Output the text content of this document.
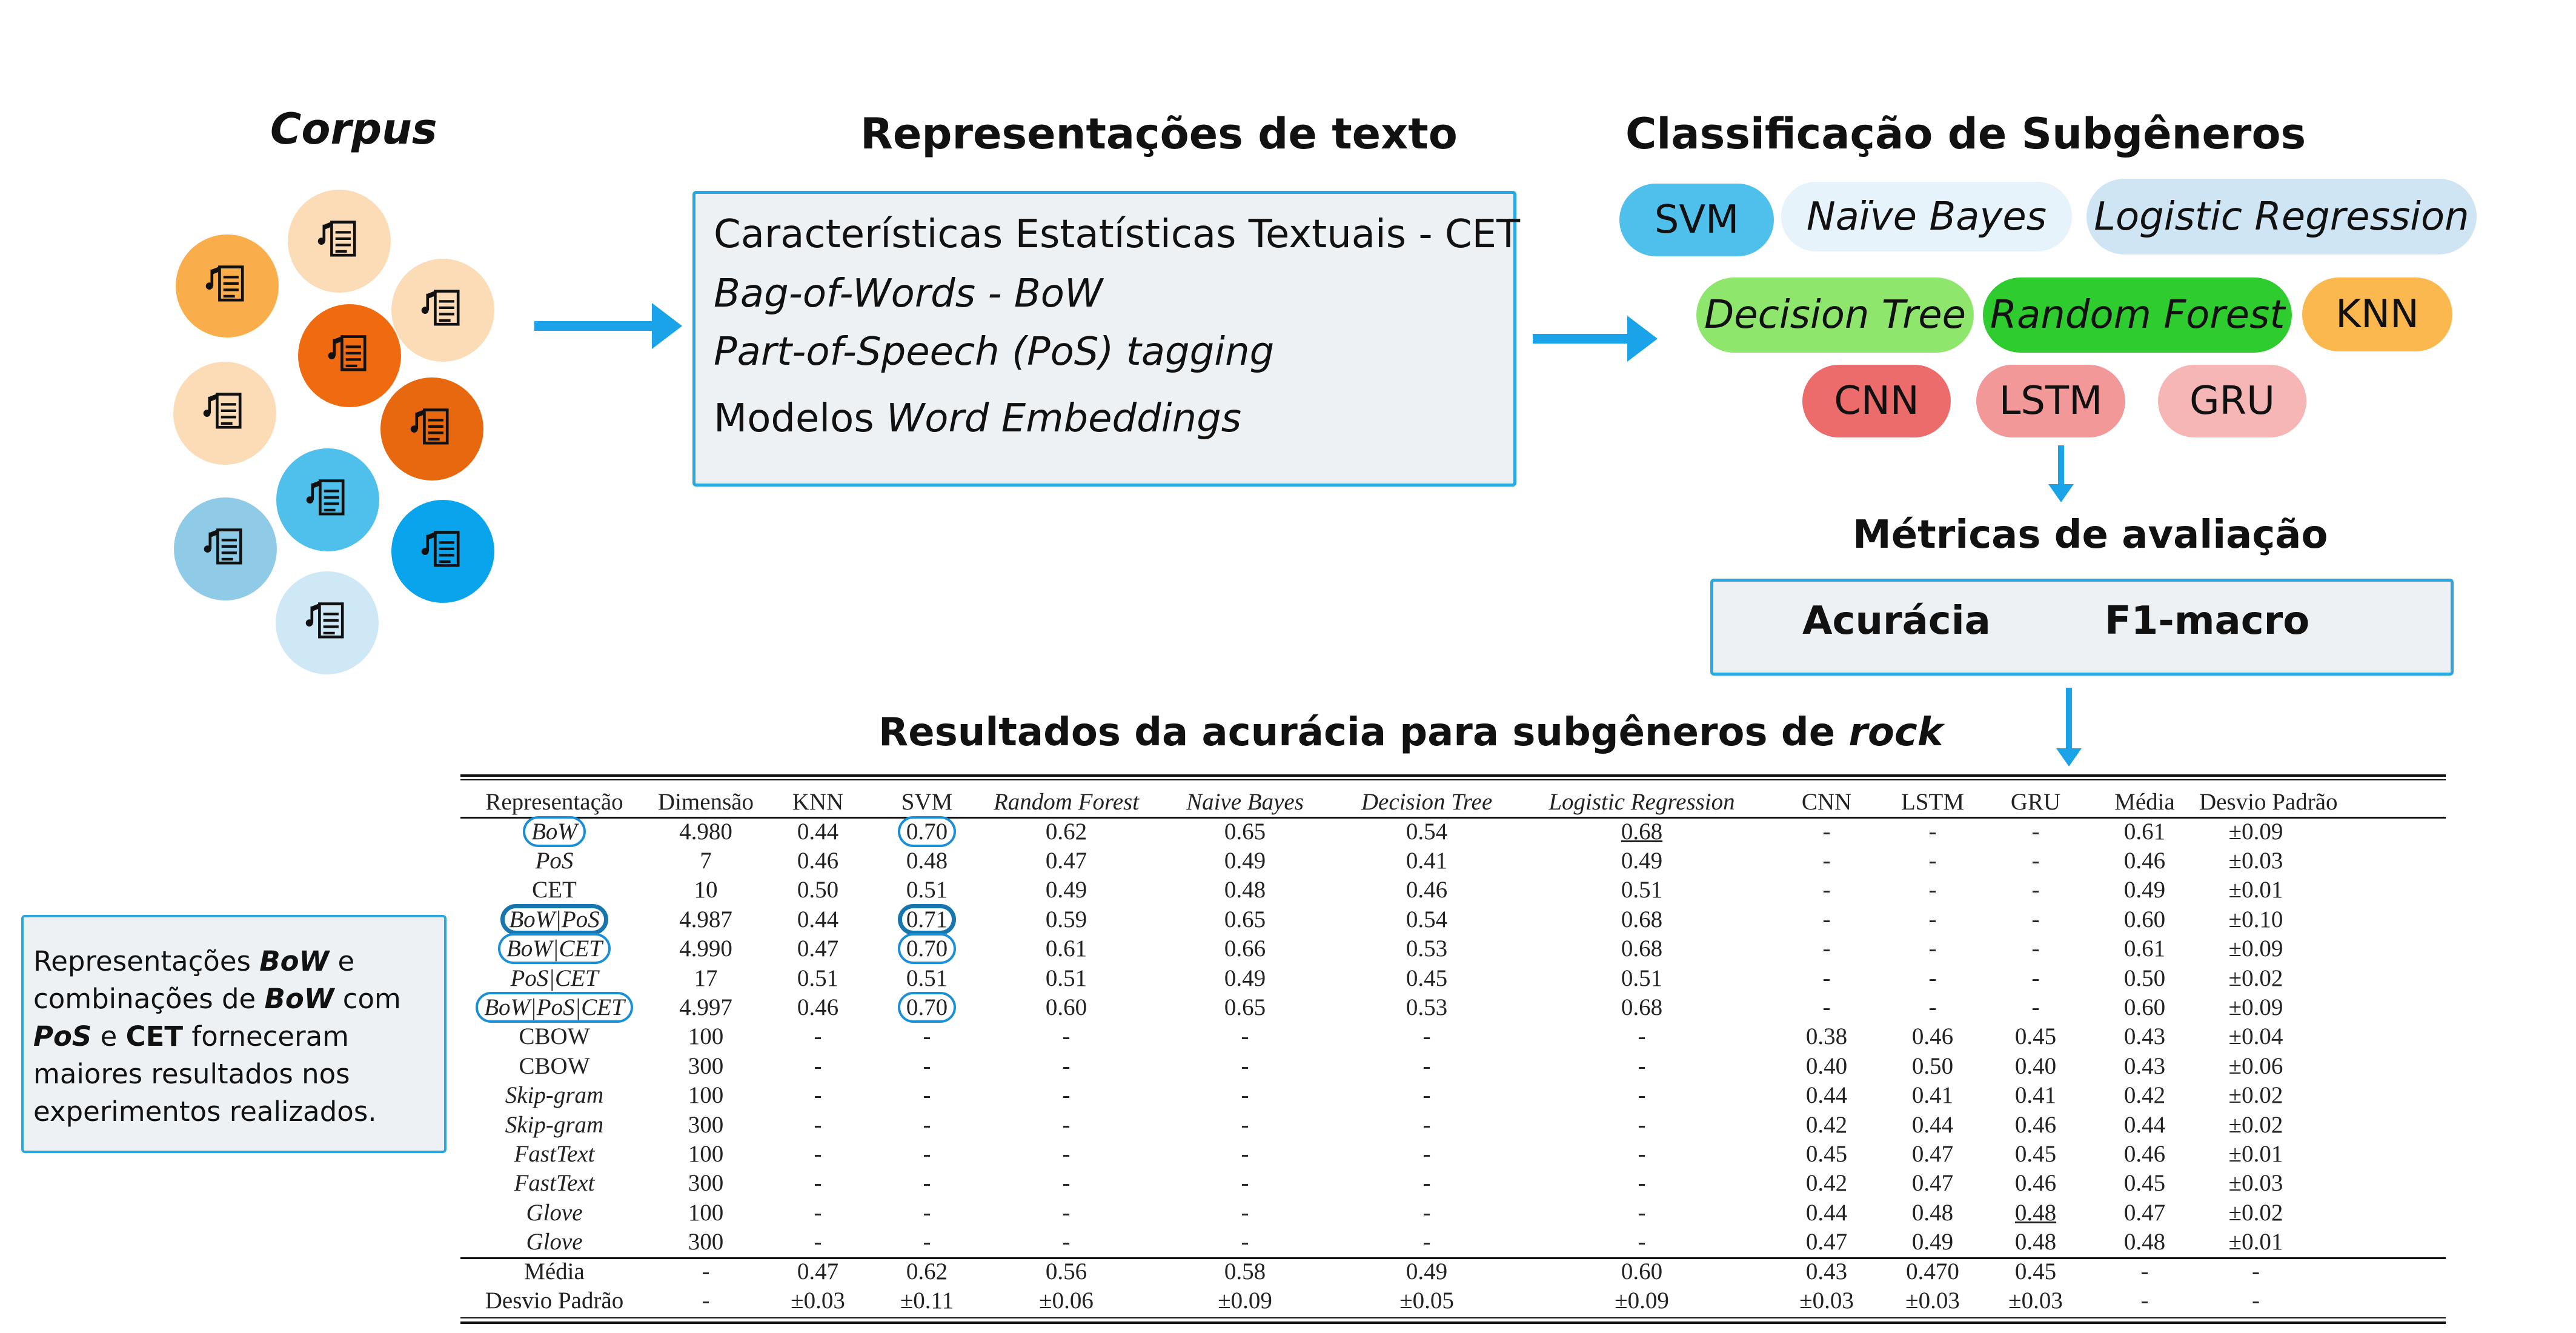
Corpus	Representações de texto
Características Estatísticas Textuais - CET
Bag-of-Words - BoW
Part-of-Speech (PoS) tagging
Modelos Word Embeddings
Classificação de Subgêneros
SVM	Naïve Bayes	Logistic Regression
Decision Tree Random Forest	KNN
CNN	LSTM	GRU
Métricas de avaliação
Acurácia	F1-macro
Resultados da acurácia para subgêneros de rock
Representações BoW e combinações de BoW com PoS e CET forneceram maiores resultados nos experimentos realizados.
Representação	Dimensão	KNN	SVM	Random Forest	Naive Bayes	Decision Tree	Logistic Regression	CNN	LSTM	GRU	Média	Desvio Padrão
BoW	4.980	0.44	0.70	0.62	0.65	0.54	0.68	-	-	-	0.61	±0.09
PoS	7	0.46	0.48	0.47	0.49	0.41	0.49	-	-	-	0.46	±0.03
CET	10	0.50	0.51	0.49	0.48	0.46	0.51	-	-	-	0.49	±0.01
BoW|PoS	4.987	0.44	0.71	0.59	0.65	0.54	0.68	-	-	-	0.60	±0.10
BoW|CET	4.990	0.47	0.70	0.61	0.66	0.53	0.68	-	-	-	0.61	±0.09
PoS|CET	17	0.51	0.51	0.51	0.49	0.45	0.51	-	-	-	0.50	±0.02
BoW|PoS|CET	4.997	0.46	0.70	0.60	0.65	0.53	0.68	-	-	-	0.60	±0.09
CBOW	100	-	-	-	-	-	-	0.38	0.46	0.45	0.43	±0.04
CBOW	300	-	-	-	-	-	-	0.40	0.50	0.40	0.43	±0.06
Skip-gram	100	-	-	-	-	-	-	0.44	0.41	0.41	0.42	±0.02
Skip-gram	300	-	-	-	-	-	-	0.42	0.44	0.46	0.44	±0.02
FastText	100	-	-	-	-	-	-	0.45	0.47	0.45	0.46	±0.01
FastText	300	-	-	-	-	-	-	0.42	0.47	0.46	0.45	±0.03
Glove	100	-	-	-	-	-	-	0.44	0.48	0.48	0.47	±0.02
Glove	300	-	-	-	-	-	-	0.47	0.49	0.48	0.48	±0.01
Média	-	0.47	0.62	0.56	0.58	0.49	0.60	0.43	0.470	0.45	-	-
Desvio Padrão	-	±0.03	±0.11	±0.06	±0.09	±0.05	±0.09	±0.03	±0.03	±0.03	-	-
